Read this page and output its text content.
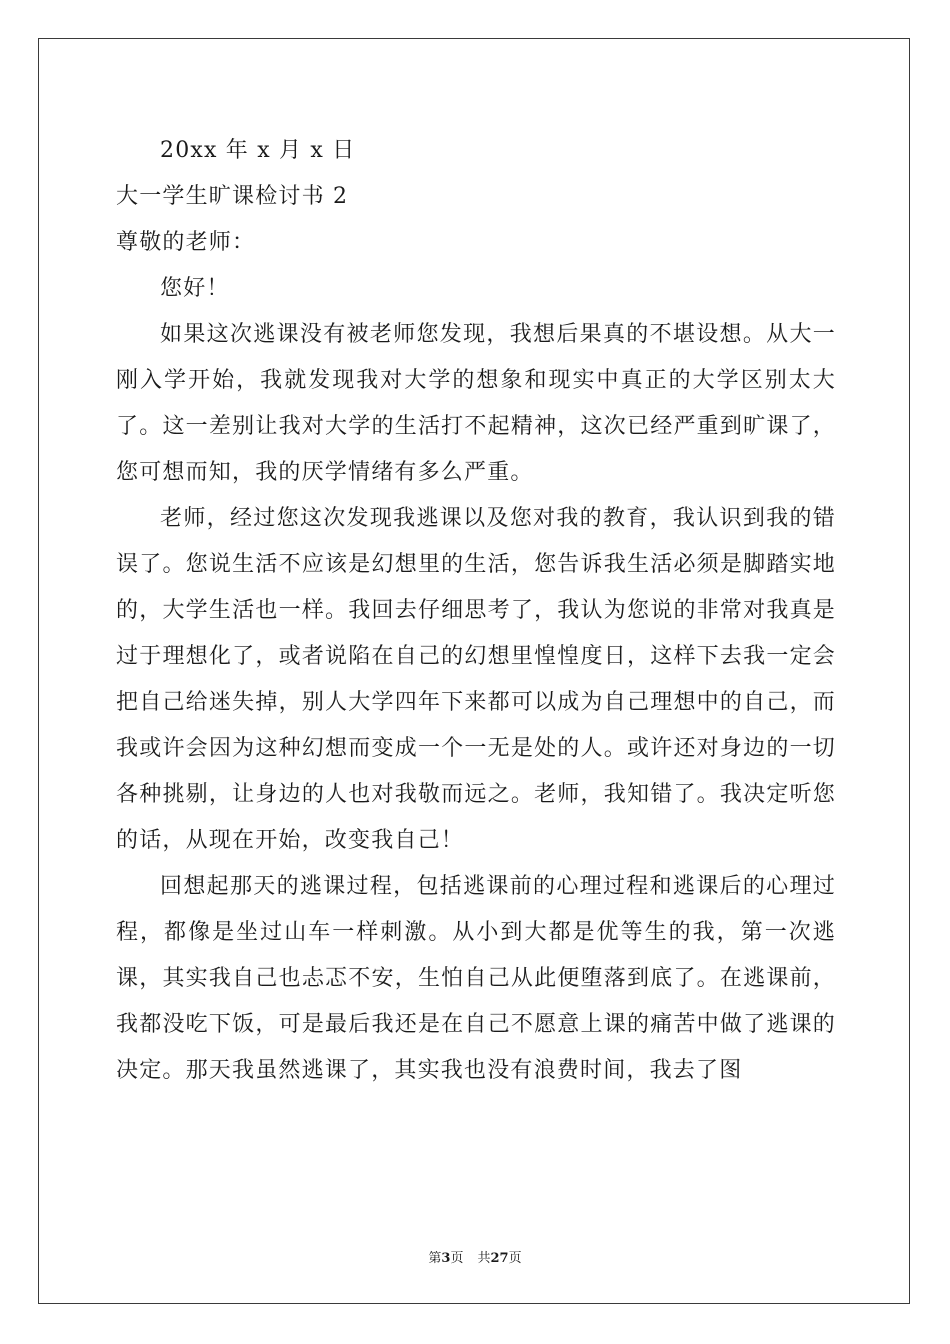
20xx 年 x 月 x 日

大一学生旷课检讨书 2

尊敬的老师：

您好！

如果这次逃课没有被老师您发现，我想后果真的不堪设想。从大一刚入学开始，我就发现我对大学的想象和现实中真正的大学区别太大了。这一差别让我对大学的生活打不起精神，这次已经严重到旷课了，您可想而知，我的厌学情绪有多么严重。

老师，经过您这次发现我逃课以及您对我的教育，我认识到我的错误了。您说生活不应该是幻想里的生活，您告诉我生活必须是脚踏实地的，大学生活也一样。我回去仔细思考了，我认为您说的非常对我真是过于理想化了，或者说陷在自己的幻想里惶惶度日，这样下去我一定会把自己给迷失掉，别人大学四年下来都可以成为自己理想中的自己，而我或许会因为这种幻想而变成一个一无是处的人。或许还对身边的一切各种挑剔，让身边的人也对我敬而远之。老师，我知错了。我决定听您的话，从现在开始，改变我自己！

回想起那天的逃课过程，包括逃课前的心理过程和逃课后的心理过程，都像是坐过山车一样刺激。从小到大都是优等生的我，第一次逃课，其实我自己也忐忑不安，生怕自己从此便堕落到底了。在逃课前，我都没吃下饭，可是最后我还是在自己不愿意上课的痛苦中做了逃课的决定。那天我虽然逃课了，其实我也没有浪费时间，我去了图

第3页 共27页
